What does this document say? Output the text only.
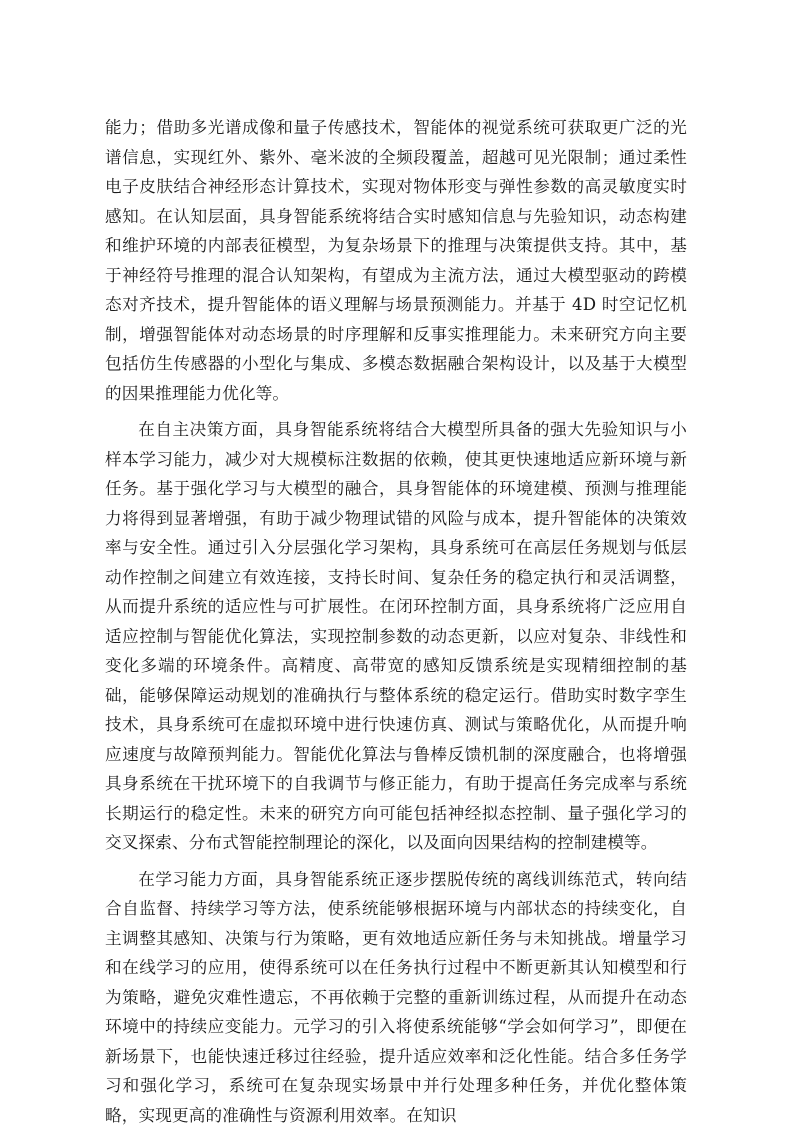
能力；借助多光谱成像和量子传感技术，智能体的视觉系统可获取更广泛的光谱信息，实现红外、紫外、毫米波的全频段覆盖，超越可见光限制；通过柔性电子皮肤结合神经形态计算技术，实现对物体形变与弹性参数的高灵敏度实时感知。在认知层面，具身智能系统将结合实时感知信息与先验知识，动态构建和维护环境的内部表征模型，为复杂场景下的推理与决策提供支持。其中，基于神经符号推理的混合认知架构，有望成为主流方法，通过大模型驱动的跨模态对齐技术，提升智能体的语义理解与场景预测能力。并基于 4D 时空记忆机制，增强智能体对动态场景的时序理解和反事实推理能力。未来研究方向主要包括仿生传感器的小型化与集成、多模态数据融合架构设计，以及基于大模型的因果推理能力优化等。

在自主决策方面，具身智能系统将结合大模型所具备的强大先验知识与小样本学习能力，减少对大规模标注数据的依赖，使其更快速地适应新环境与新任务。基于强化学习与大模型的融合，具身智能体的环境建模、预测与推理能力将得到显著增强，有助于减少物理试错的风险与成本，提升智能体的决策效率与安全性。通过引入分层强化学习架构，具身系统可在高层任务规划与低层动作控制之间建立有效连接，支持长时间、复杂任务的稳定执行和灵活调整，从而提升系统的适应性与可扩展性。在闭环控制方面，具身系统将广泛应用自适应控制与智能优化算法，实现控制参数的动态更新，以应对复杂、非线性和变化多端的环境条件。高精度、高带宽的感知反馈系统是实现精细控制的基础，能够保障运动规划的准确执行与整体系统的稳定运行。借助实时数字孪生技术，具身系统可在虚拟环境中进行快速仿真、测试与策略优化，从而提升响应速度与故障预判能力。智能优化算法与鲁棒反馈机制的深度融合，也将增强具身系统在干扰环境下的自我调节与修正能力，有助于提高任务完成率与系统长期运行的稳定性。未来的研究方向可能包括神经拟态控制、量子强化学习的交叉探索、分布式智能控制理论的深化，以及面向因果结构的控制建模等。

在学习能力方面，具身智能系统正逐步摆脱传统的离线训练范式，转向结合自监督、持续学习等方法，使系统能够根据环境与内部状态的持续变化，自主调整其感知、决策与行为策略，更有效地适应新任务与未知挑战。增量学习和在线学习的应用，使得系统可以在任务执行过程中不断更新其认知模型和行为策略，避免灾难性遗忘，不再依赖于完整的重新训练过程，从而提升在动态环境中的持续应变能力。元学习的引入将使系统能够“学会如何学习”，即便在新场景下，也能快速迁移过往经验，提升适应效率和泛化性能。结合多任务学习和强化学习，系统可在复杂现实场景中并行处理多种任务，并优化整体策略，实现更高的准确性与资源利用效率。在知识
